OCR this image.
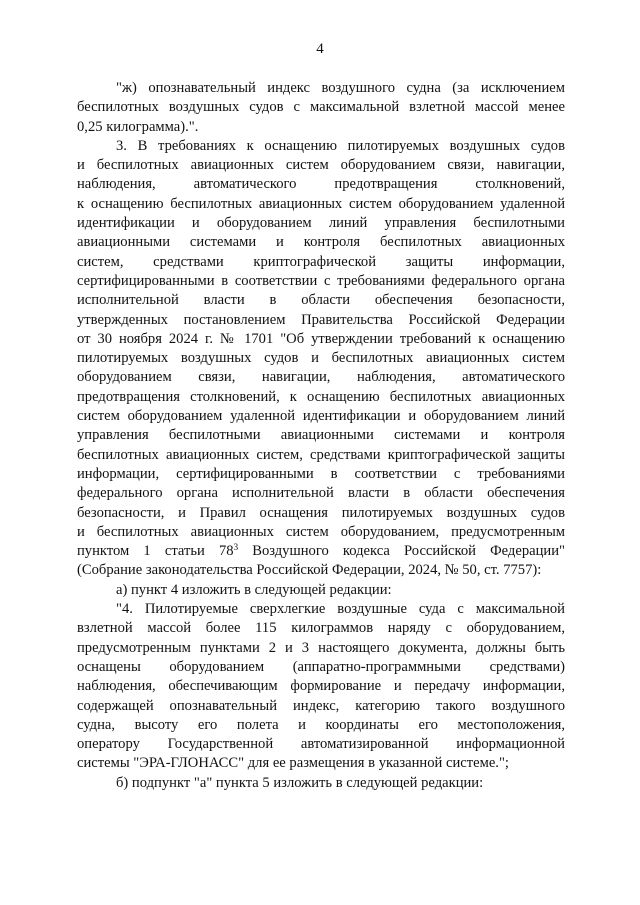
4

"ж) опознавательный индекс воздушного судна (за исключением

беспилотных воздушных судов с максимальной взлетной массой менее

0,25 килограмма).".

3. В требованиях к оснащению пилотируемых воздушных судов

и беспилотных авиационных систем оборудованием связи, навигации,

наблюдения, автоматического предотвращения столкновений,

к оснащению беспилотных авиационных систем оборудованием удаленной

идентификации и оборудованием линий управления беспилотными

авиационными системами и контроля беспилотных авиационных

систем, средствами криптографической защиты информации,

сертифицированными в соответствии с требованиями федерального органа

исполнительной власти в области обеспечения безопасности,

утвержденных постановлением Правительства Российской Федерации

от 30 ноября 2024 г. № 1701 "Об утверждении требований к оснащению

пилотируемых воздушных судов и беспилотных авиационных систем

оборудованием связи, навигации, наблюдения, автоматического

предотвращения столкновений, к оснащению беспилотных авиационных

систем оборудованием удаленной идентификации и оборудованием линий

управления беспилотными авиационными системами и контроля

беспилотных авиационных систем, средствами криптографической защиты

информации, сертифицированными в соответствии с требованиями

федерального органа исполнительной власти в области обеспечения

безопасности, и Правил оснащения пилотируемых воздушных судов

и беспилотных авиационных систем оборудованием, предусмотренным

пунктом 1 статьи $78^3$ Воздушного кодекса Российской Федерации"

(Собрание законодательства Российской Федерации, 2024, № 50, ст. 7757):

а) пункт 4 изложить в следующей редакции:

"4. Пилотируемые сверхлегкие воздушные суда с максимальной

взлетной массой более 115 килограммов наряду с оборудованием,

предусмотренным пунктами 2 и 3 настоящего документа, должны быть

оснащены оборудованием (аппаратно-программными средствами)

наблюдения, обеспечивающим формирование и передачу информации,

содержащей опознавательный индекс, категорию такого воздушного

судна, высоту его полета и координаты его местоположения,

оператору Государственной автоматизированной информационной

системы "ЭРА-ГЛОНАСС" для ее размещения в указанной системе.";

б) подпункт "а" пункта 5 изложить в следующей редакции:
